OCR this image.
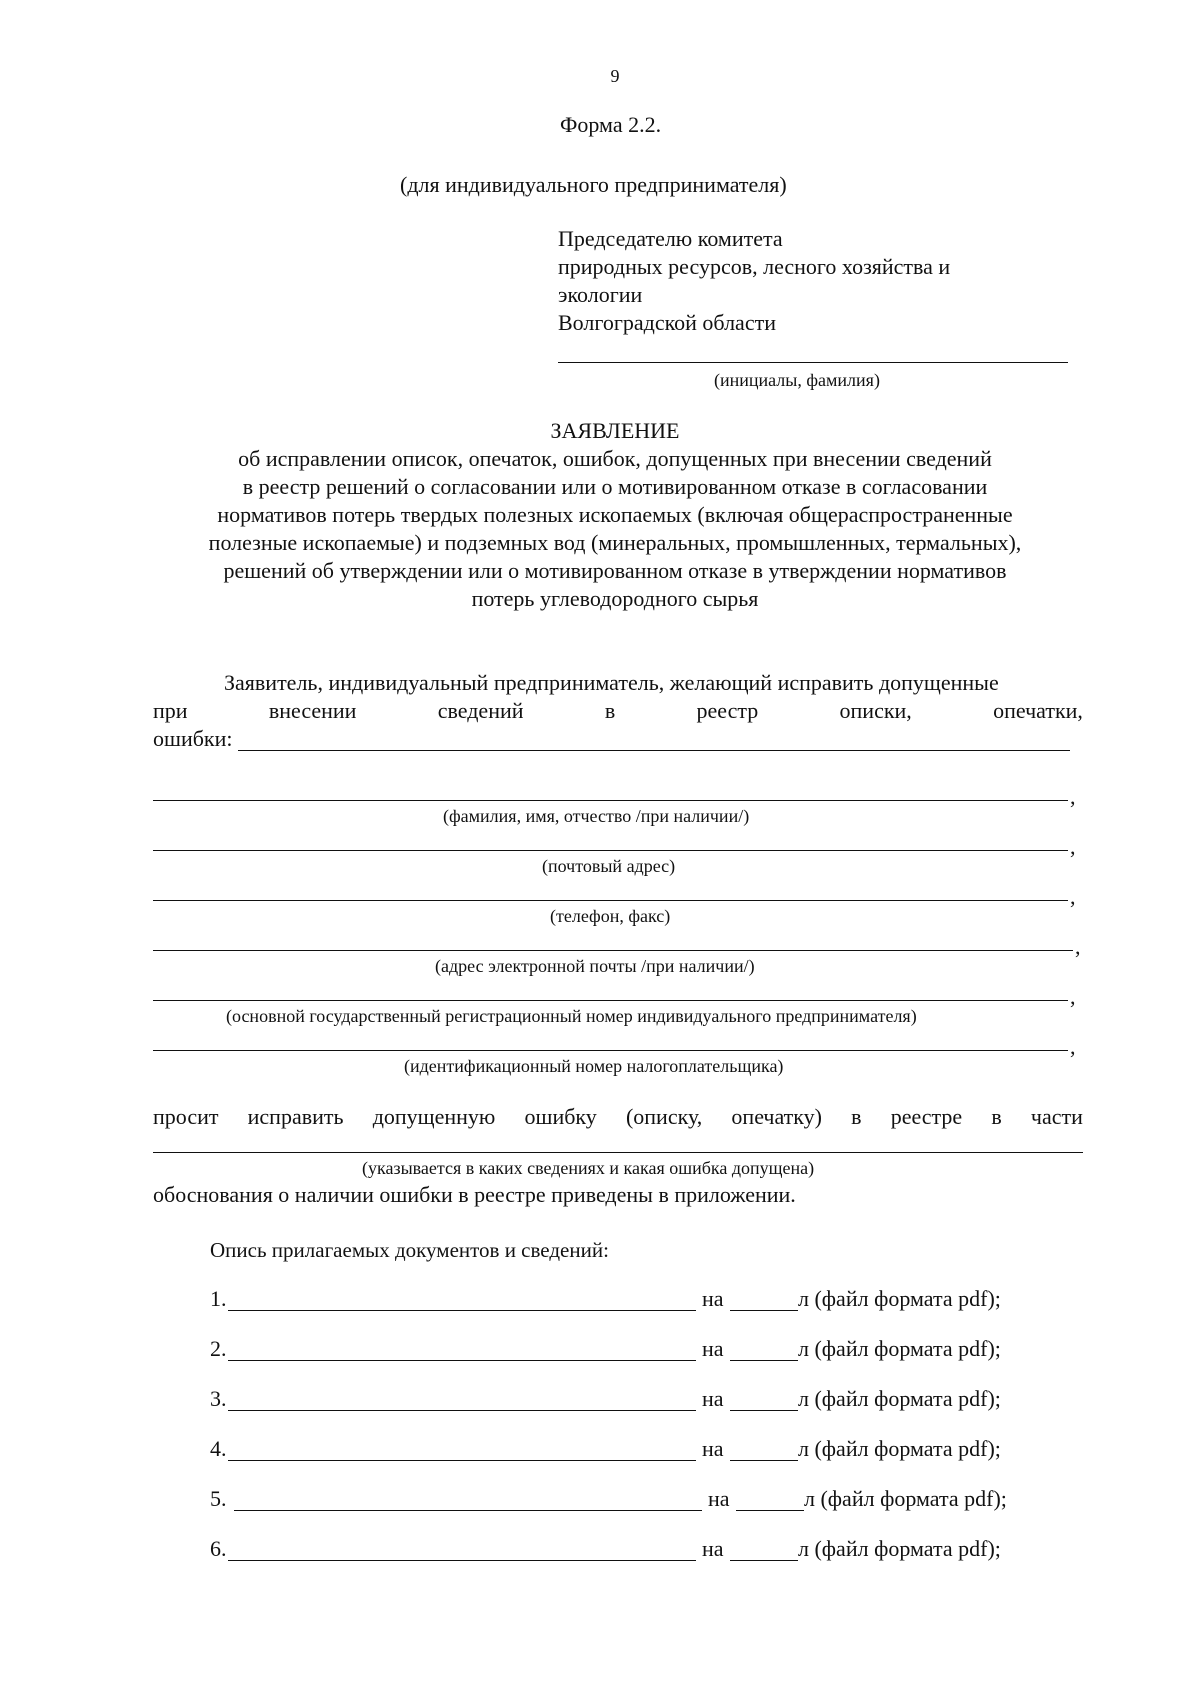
9
Форма 2.2.
(для индивидуального предпринимателя)
Председателю комитета
природных ресурсов, лесного хозяйства и
экологии
Волгоградской области
(инициалы, фамилия)
ЗАЯВЛЕНИЕ
об исправлении описок, опечаток, ошибок, допущенных при внесении сведений
в реестр решений о согласовании или о мотивированном отказе в согласовании
нормативов потерь твердых полезных ископаемых (включая общераспространенные
полезные ископаемые) и подземных вод (минеральных, промышленных, термальных),
решений об утверждении или о мотивированном отказе в утверждении нормативов
потерь углеводородного сырья
Заявитель, индивидуальный предприниматель, желающий исправить допущенные
при	внесении	сведений	в	реестр	описки,	опечатки,
ошибки:
,
(фамилия, имя, отчество /при наличии/)
,
(почтовый адрес)
,
(телефон, факс)
,
(адрес электронной почты /при наличии/)
,
(основной государственный регистрационный номер индивидуального предпринимателя)
,
(идентификационный номер налогоплательщика)
просит исправить допущенную ошибку (описку, опечатку) в реестре в части
(указывается в каких сведениях и какая ошибка допущена)
обоснования о наличии ошибки в реестре приведены в приложении.
Опись прилагаемых документов и сведений:
1.	на	л (файл формата pdf);
2.	на	л (файл формата pdf);
3.	на	л (файл формата pdf);
4.	на	л (файл формата pdf);
5.	на	л (файл формата pdf);
6.	на	л (файл формата pdf);
